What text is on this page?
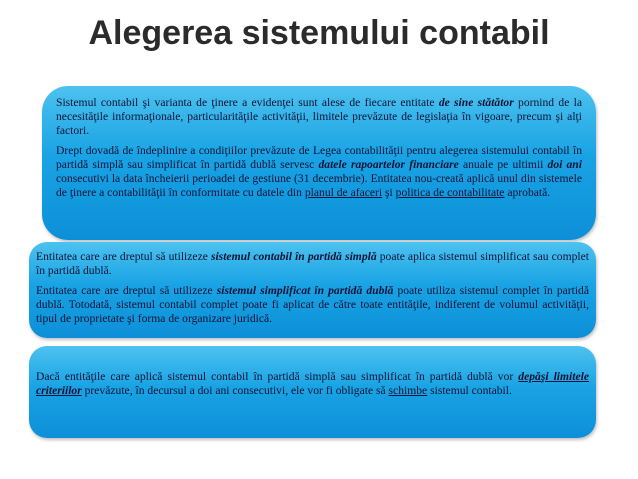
Alegerea sistemului contabil

Sistemul contabil şi varianta de ţinere a evidenţei sunt alese de fiecare entitate de sine stătător pornind de la necesităţile informaţionale, particularităţile activităţii, limitele prevăzute de legislaţia în vigoare, precum şi alţi factori.

Drept dovadă de îndeplinire a condiţiilor prevăzute de Legea contabilităţii pentru alegerea sistemului contabil în partidă simplă sau simplificat în partidă dublă servesc datele rapoartelor financiare anuale pe ultimii doi ani consecutivi la data încheierii perioadei de gestiune (31 decembrie). Entitatea nou-creată aplică unul din sistemele de ţinere a contabilităţii în conformitate cu datele din planul de afaceri şi politica de contabilitate aprobată.

Entitatea care are dreptul să utilizeze sistemul contabil în partidă simplă poate aplica sistemul simplificat sau complet în partidă dublă.

Entitatea care are dreptul să utilizeze sistemul simplificat în partidă dublă poate utiliza sistemul complet în partidă dublă. Totodată, sistemul contabil complet poate fi aplicat de către toate entităţile, indiferent de volumul activităţii, tipul de proprietate şi forma de organizare juridică.

Dacă entităţile care aplică sistemul contabil în partidă simplă sau simplificat în partidă dublă vor depăşi limitele criteriilor prevăzute, în decursul a doi ani consecutivi, ele vor fi obligate să schimbe sistemul contabil.
